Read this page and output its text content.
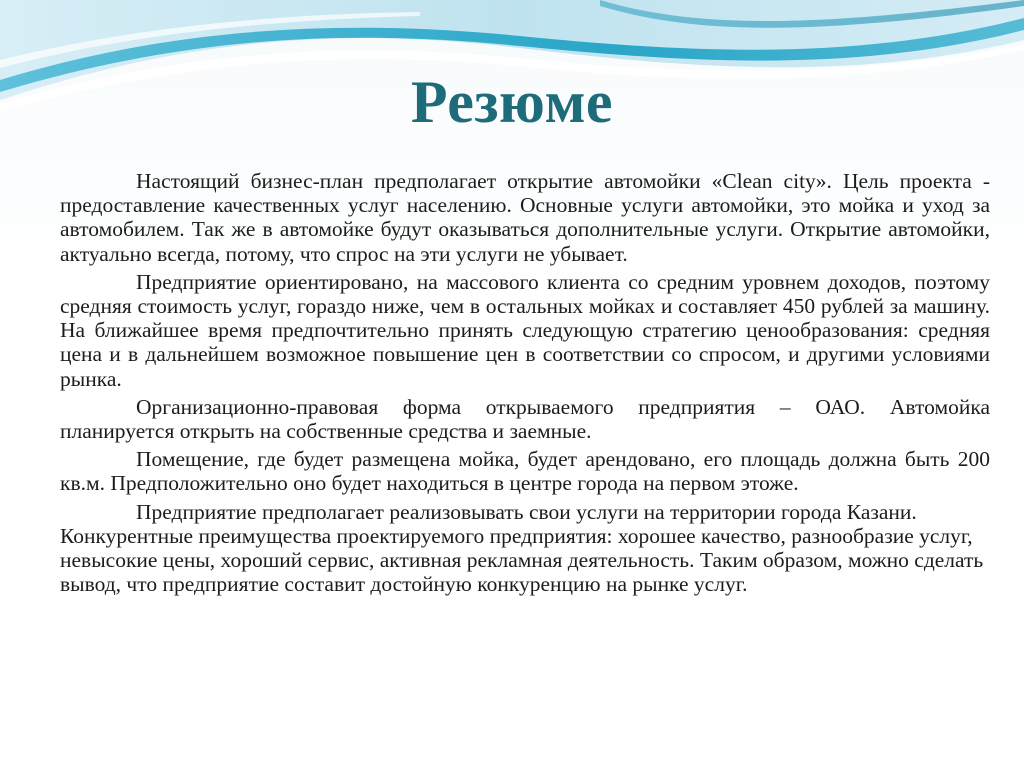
Резюме

Настоящий бизнес-план предполагает открытие автомойки «Clean city». Цель проекта - предоставление качественных услуг населению. Основные услуги автомойки, это мойка и уход за автомобилем. Так же в автомойке будут оказываться дополнительные услуги. Открытие автомойки, актуально всегда, потому, что спрос на эти услуги не убывает.

Предприятие ориентировано, на массового клиента со средним уровнем доходов, поэтому средняя стоимость услуг, гораздо ниже, чем в остальных мойках и составляет 450 рублей за машину. На ближайшее время предпочтительно принять следующую стратегию ценообразования: средняя цена и в дальнейшем возможное повышение цен в соответствии со спросом, и другими условиями рынка.

Организационно-правовая форма открываемого предприятия – ОАО. Автомойка планируется открыть на собственные средства и заемные.

Помещение, где будет размещена мойка, будет арендовано, его площадь должна быть 200 кв.м. Предположительно оно будет находиться в центре города на первом этоже.

Предприятие предполагает реализовывать свои услуги на территории города Казани. Конкурентные преимущества проектируемого предприятия: хорошее качество, разнообразие услуг, невысокие цены, хороший сервис, активная рекламная деятельность. Таким образом, можно сделать вывод, что предприятие составит достойную конкуренцию на рынке услуг.
